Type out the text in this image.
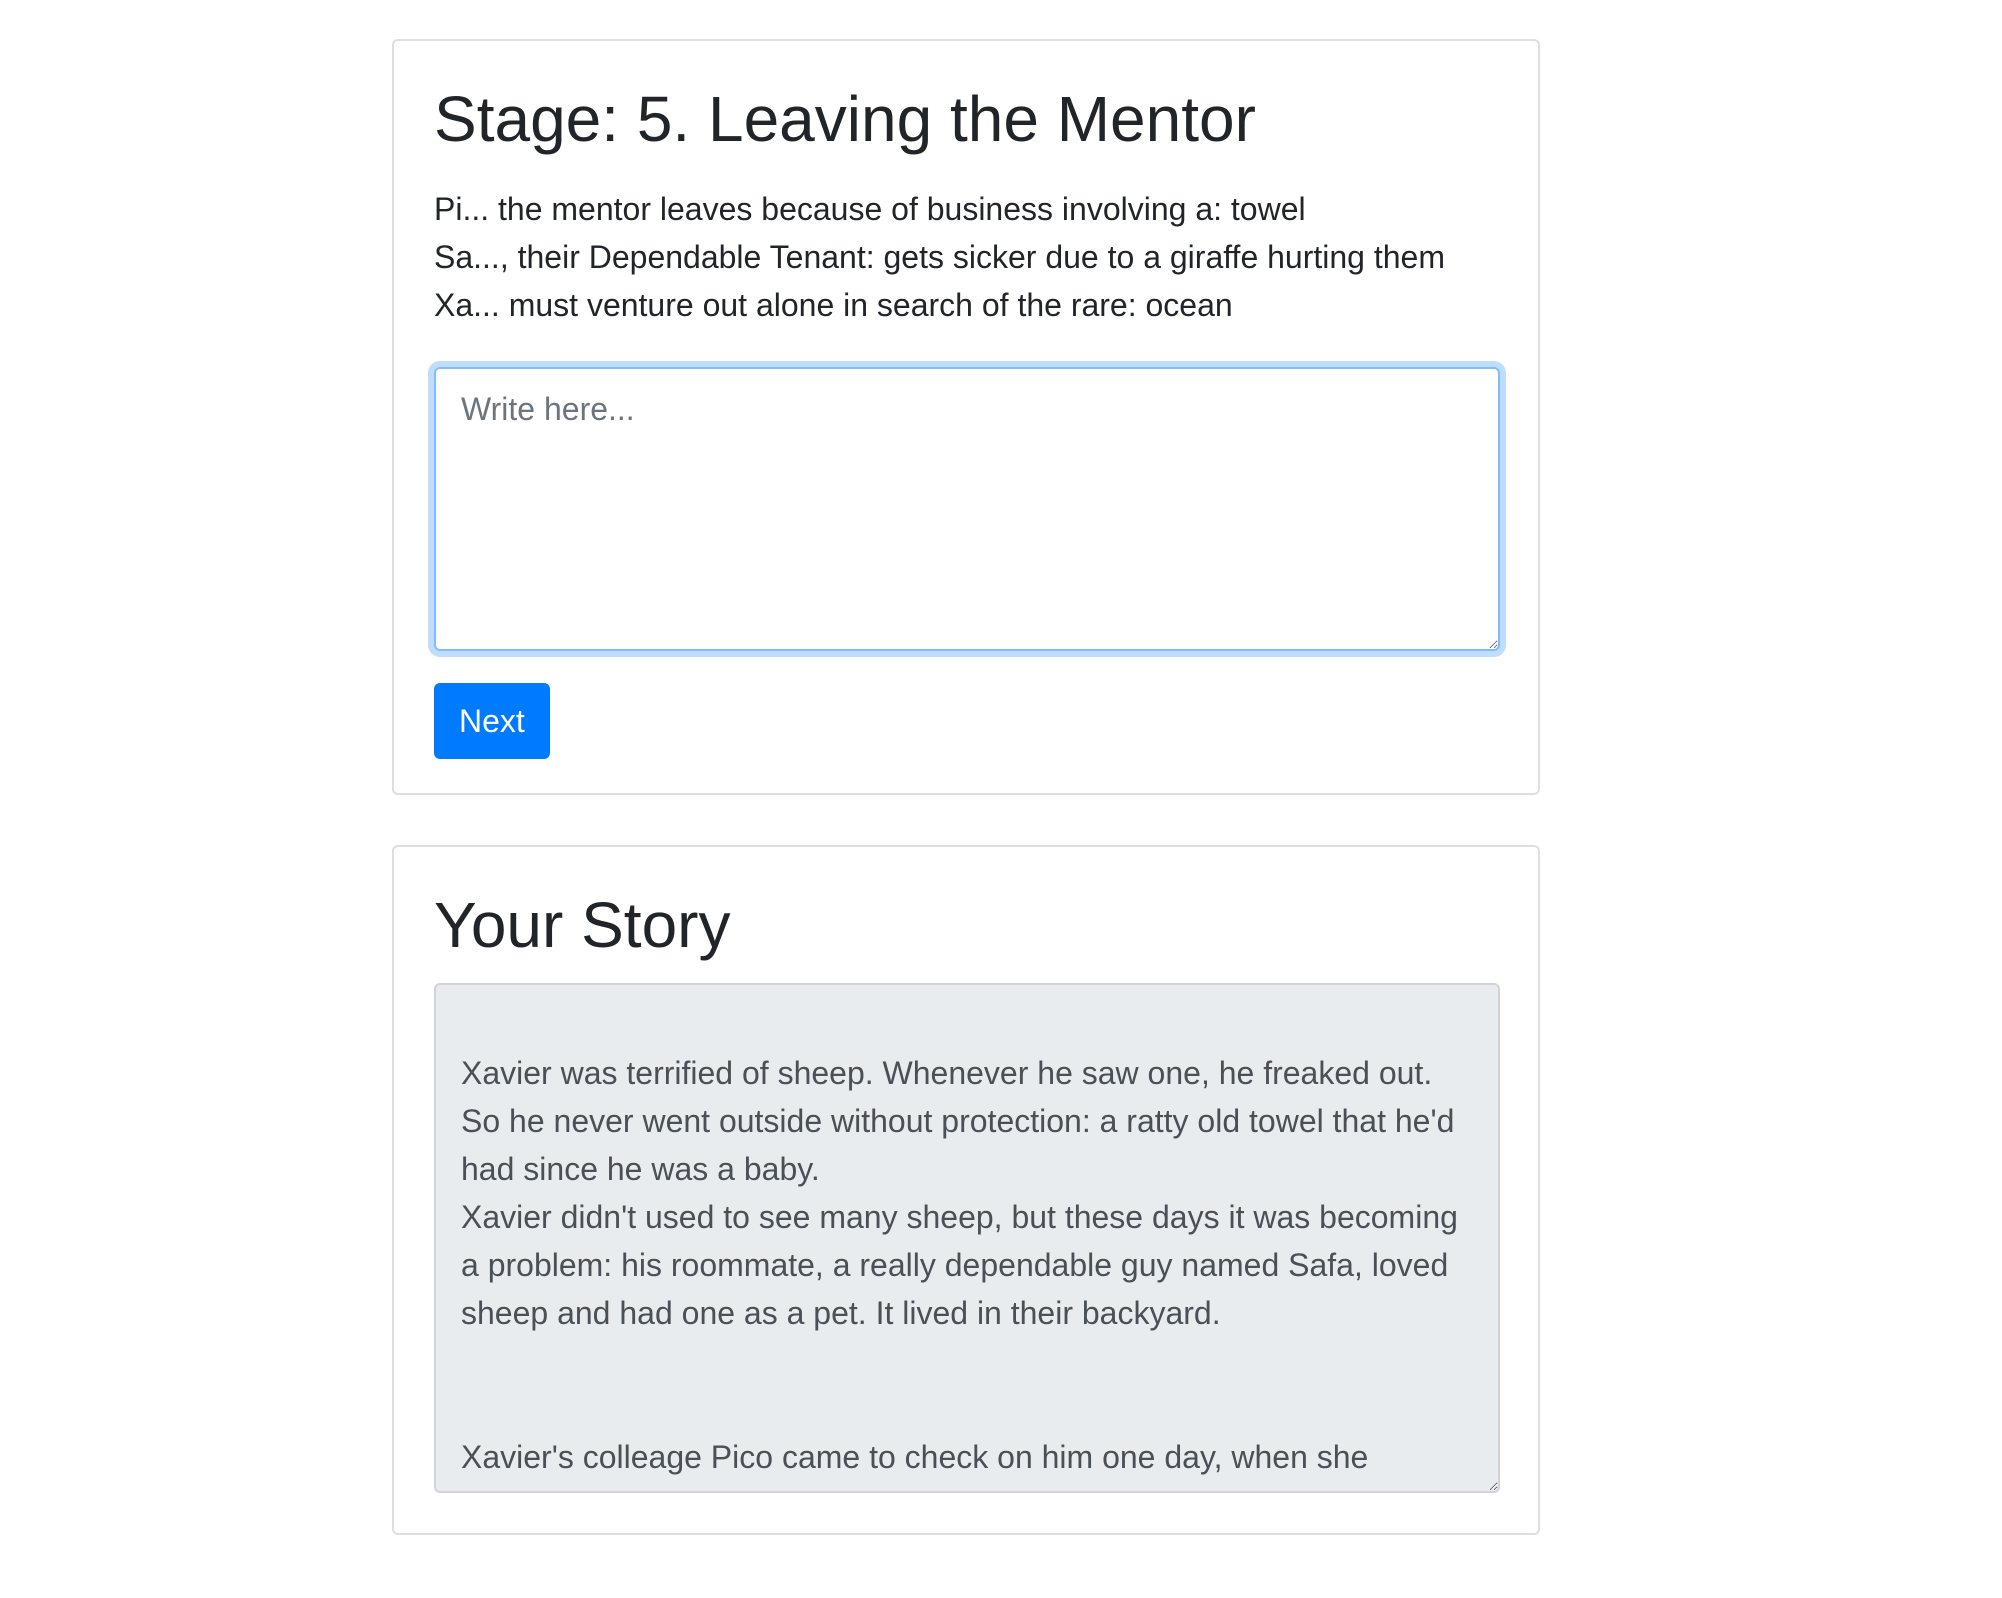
Stage: 5. Leaving the Mentor
Pi... the mentor leaves because of business involving a: towel
Sa..., their Dependable Tenant: gets sicker due to a giraffe hurting them
Xa... must venture out alone in search of the rare: ocean
Write here... Next
Your Story
Xavier was terrified of sheep. Whenever he saw one, he freaked out. So he never went outside without protection: a ratty old towel that he'd had since he was a baby. Xavier didn't used to see many sheep, but these days it was becoming a problem: his roommate, a really dependable guy named Safa, loved sheep and had one as a pet. It lived in their backyard. Xavier's colleage Pico came to check on him one day, when she
